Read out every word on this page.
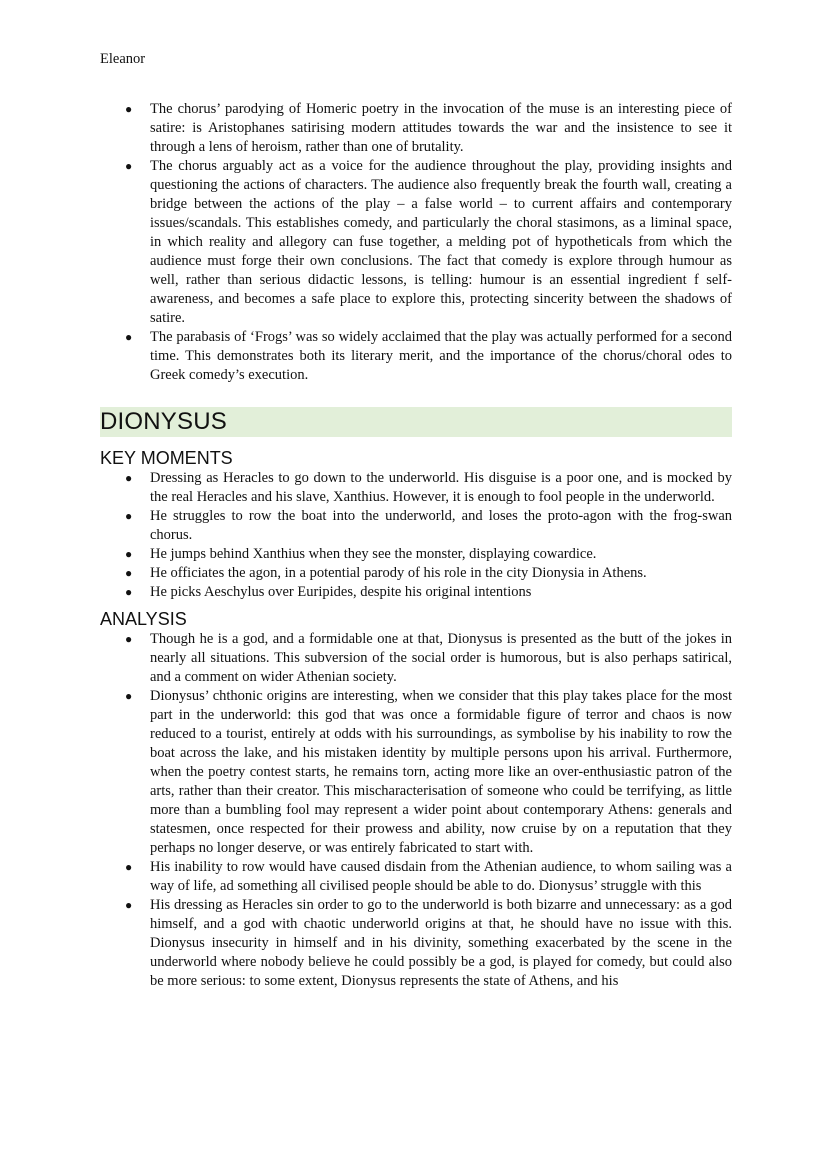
Eleanor
● The chorus’ parodying of Homeric poetry in the invocation of the muse is an interesting piece of satire: is Aristophanes satirising modern attitudes towards the war and the insistence to see it through a lens of heroism, rather than one of brutality.
● The chorus arguably act as a voice for the audience throughout the play, providing insights and questioning the actions of characters. The audience also frequently break the fourth wall, creating a bridge between the actions of the play – a false world – to current affairs and contemporary issues/scandals. This establishes comedy, and particularly the choral stasimons, as a liminal space, in which reality and allegory can fuse together, a melding pot of hypotheticals from which the audience must forge their own conclusions. The fact that comedy is explore through humour as well, rather than serious didactic lessons, is telling: humour is an essential ingredient f self-awareness, and becomes a safe place to explore this, protecting sincerity between the shadows of satire.
● The parabasis of ‘Frogs’ was so widely acclaimed that the play was actually performed for a second time. This demonstrates both its literary merit, and the importance of the chorus/choral odes to Greek comedy’s execution.
DIONYSUS
KEY MOMENTS
● Dressing as Heracles to go down to the underworld. His disguise is a poor one, and is mocked by the real Heracles and his slave, Xanthius. However, it is enough to fool people in the underworld.
● He struggles to row the boat into the underworld, and loses the proto-agon with the frog-swan chorus.
● He jumps behind Xanthius when they see the monster, displaying cowardice.
● He officiates the agon, in a potential parody of his role in the city Dionysia in Athens.
● He picks Aeschylus over Euripides, despite his original intentions
ANALYSIS
● Though he is a god, and a formidable one at that, Dionysus is presented as the butt of the jokes in nearly all situations. This subversion of the social order is humorous, but is also perhaps satirical, and a comment on wider Athenian society.
● Dionysus’ chthonic origins are interesting, when we consider that this play takes place for the most part in the underworld: this god that was once a formidable figure of terror and chaos is now reduced to a tourist, entirely at odds with his surroundings, as symbolise by his inability to row the boat across the lake, and his mistaken identity by multiple persons upon his arrival. Furthermore, when the poetry contest starts, he remains torn, acting more like an over-enthusiastic patron of the arts, rather than their creator. This mischaracterisation of someone who could be terrifying, as little more than a bumbling fool may represent a wider point about contemporary Athens: generals and statesmen, once respected for their prowess and ability, now cruise by on a reputation that they perhaps no longer deserve, or was entirely fabricated to start with.
● His inability to row would have caused disdain from the Athenian audience, to whom sailing was a way of life, ad something all civilised people should be able to do. Dionysus’ struggle with this
● His dressing as Heracles sin order to go to the underworld is both bizarre and unnecessary: as a god himself, and a god with chaotic underworld origins at that, he should have no issue with this. Dionysus insecurity in himself and in his divinity, something exacerbated by the scene in the underworld where nobody believe he could possibly be a god, is played for comedy, but could also be more serious: to some extent, Dionysus represents the state of Athens, and his
